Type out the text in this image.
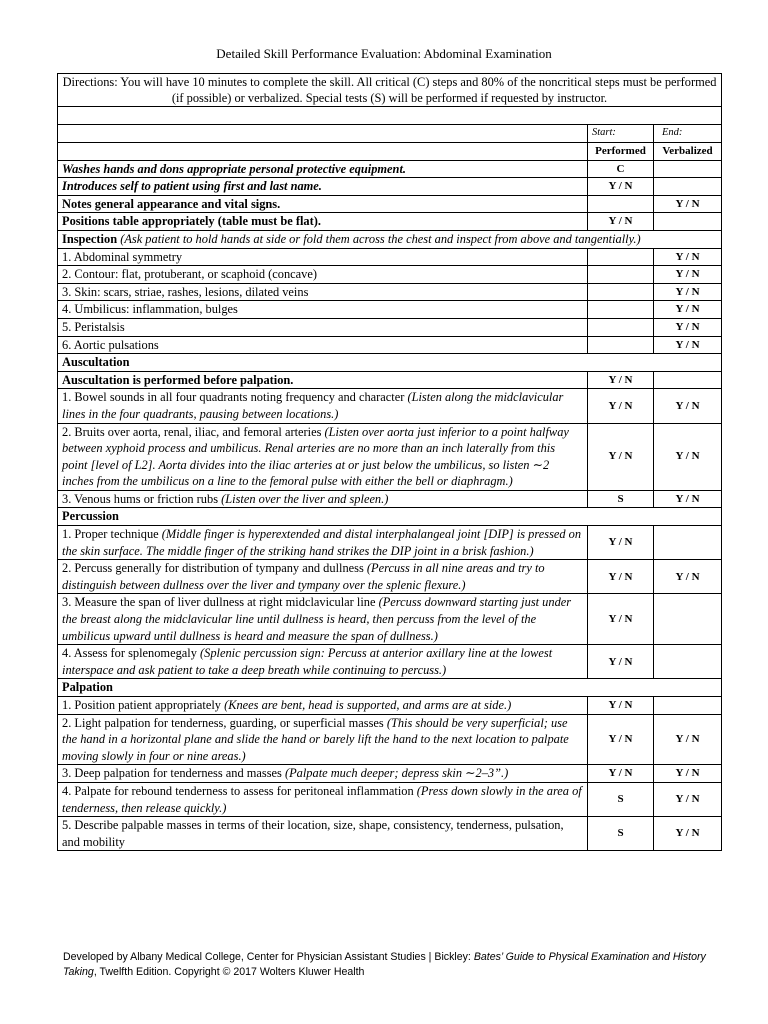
Detailed Skill Performance Evaluation: Abdominal Examination
Directions: You will have 10 minutes to complete the skill. All critical (C) steps and 80% of the noncritical steps must be performed (if possible) or verbalized. Special tests (S) will be performed if requested by instructor.		

	Start:	End:
	Performed	Verbalized
Washes hands and dons appropriate personal protective equipment.	C	
Introduces self to patient using first and last name.	Y / N	
Notes general appearance and vital signs.		Y / N
Positions table appropriately (table must be flat).	Y / N	
Inspection (Ask patient to hold hands at side or fold them across the chest and inspect from above and tangentially.)		
1. Abdominal symmetry		Y / N
2. Contour: flat, protuberant, or scaphoid (concave)		Y / N
3. Skin: scars, striae, rashes, lesions, dilated veins		Y / N
4. Umbilicus: inflammation, bulges		Y / N
5. Peristalsis		Y / N
6. Aortic pulsations		Y / N
Auscultation		
Auscultation is performed before palpation.	Y / N	
1. Bowel sounds in all four quadrants noting frequency and character (Listen along the midclavicular lines in the four quadrants, pausing between locations.)	Y / N	Y / N
2. Bruits over aorta, renal, iliac, and femoral arteries (Listen over aorta just inferior to a point halfway between xyphoid process and umbilicus. Renal arteries are no more than an inch laterally from this point [level of L2]. Aorta divides into the iliac arteries at or just below the umbilicus, so listen ∼2 inches from the umbilicus on a line to the femoral pulse with either the bell or diaphragm.)	Y / N	Y / N
3. Venous hums or friction rubs (Listen over the liver and spleen.)	S	Y / N
Percussion		
1. Proper technique (Middle finger is hyperextended and distal interphalangeal joint [DIP] is pressed on the skin surface. The middle finger of the striking hand strikes the DIP joint in a brisk fashion.)	Y / N	
2. Percuss generally for distribution of tympany and dullness (Percuss in all nine areas and try to distinguish between dullness over the liver and tympany over the splenic flexure.)	Y / N	Y / N
3. Measure the span of liver dullness at right midclavicular line (Percuss downward starting just under the breast along the midclavicular line until dullness is heard, then percuss from the level of the umbilicus upward until dullness is heard and measure the span of dullness.)	Y / N	
4. Assess for splenomegaly (Splenic percussion sign: Percuss at anterior axillary line at the lowest interspace and ask patient to take a deep breath while continuing to percuss.)	Y / N	
Palpation		
1. Position patient appropriately (Knees are bent, head is supported, and arms are at side.)	Y / N	
2. Light palpation for tenderness, guarding, or superficial masses (This should be very superficial; use the hand in a horizontal plane and slide the hand or barely lift the hand to the next location to palpate moving slowly in four or nine areas.)	Y / N	Y / N
3. Deep palpation for tenderness and masses (Palpate much deeper; depress skin ∼2–3”.)	Y / N	Y / N
4. Palpate for rebound tenderness to assess for peritoneal inflammation (Press down slowly in the area of tenderness, then release quickly.)	S	Y / N
5. Describe palpable masses in terms of their location, size, shape, consistency, tenderness, pulsation, and mobility	S	Y / N
Developed by Albany Medical College, Center for Physician Assistant Studies | Bickley: Bates’ Guide to Physical Examination and History Taking, Twelfth Edition. Copyright © 2017 Wolters Kluwer Health
